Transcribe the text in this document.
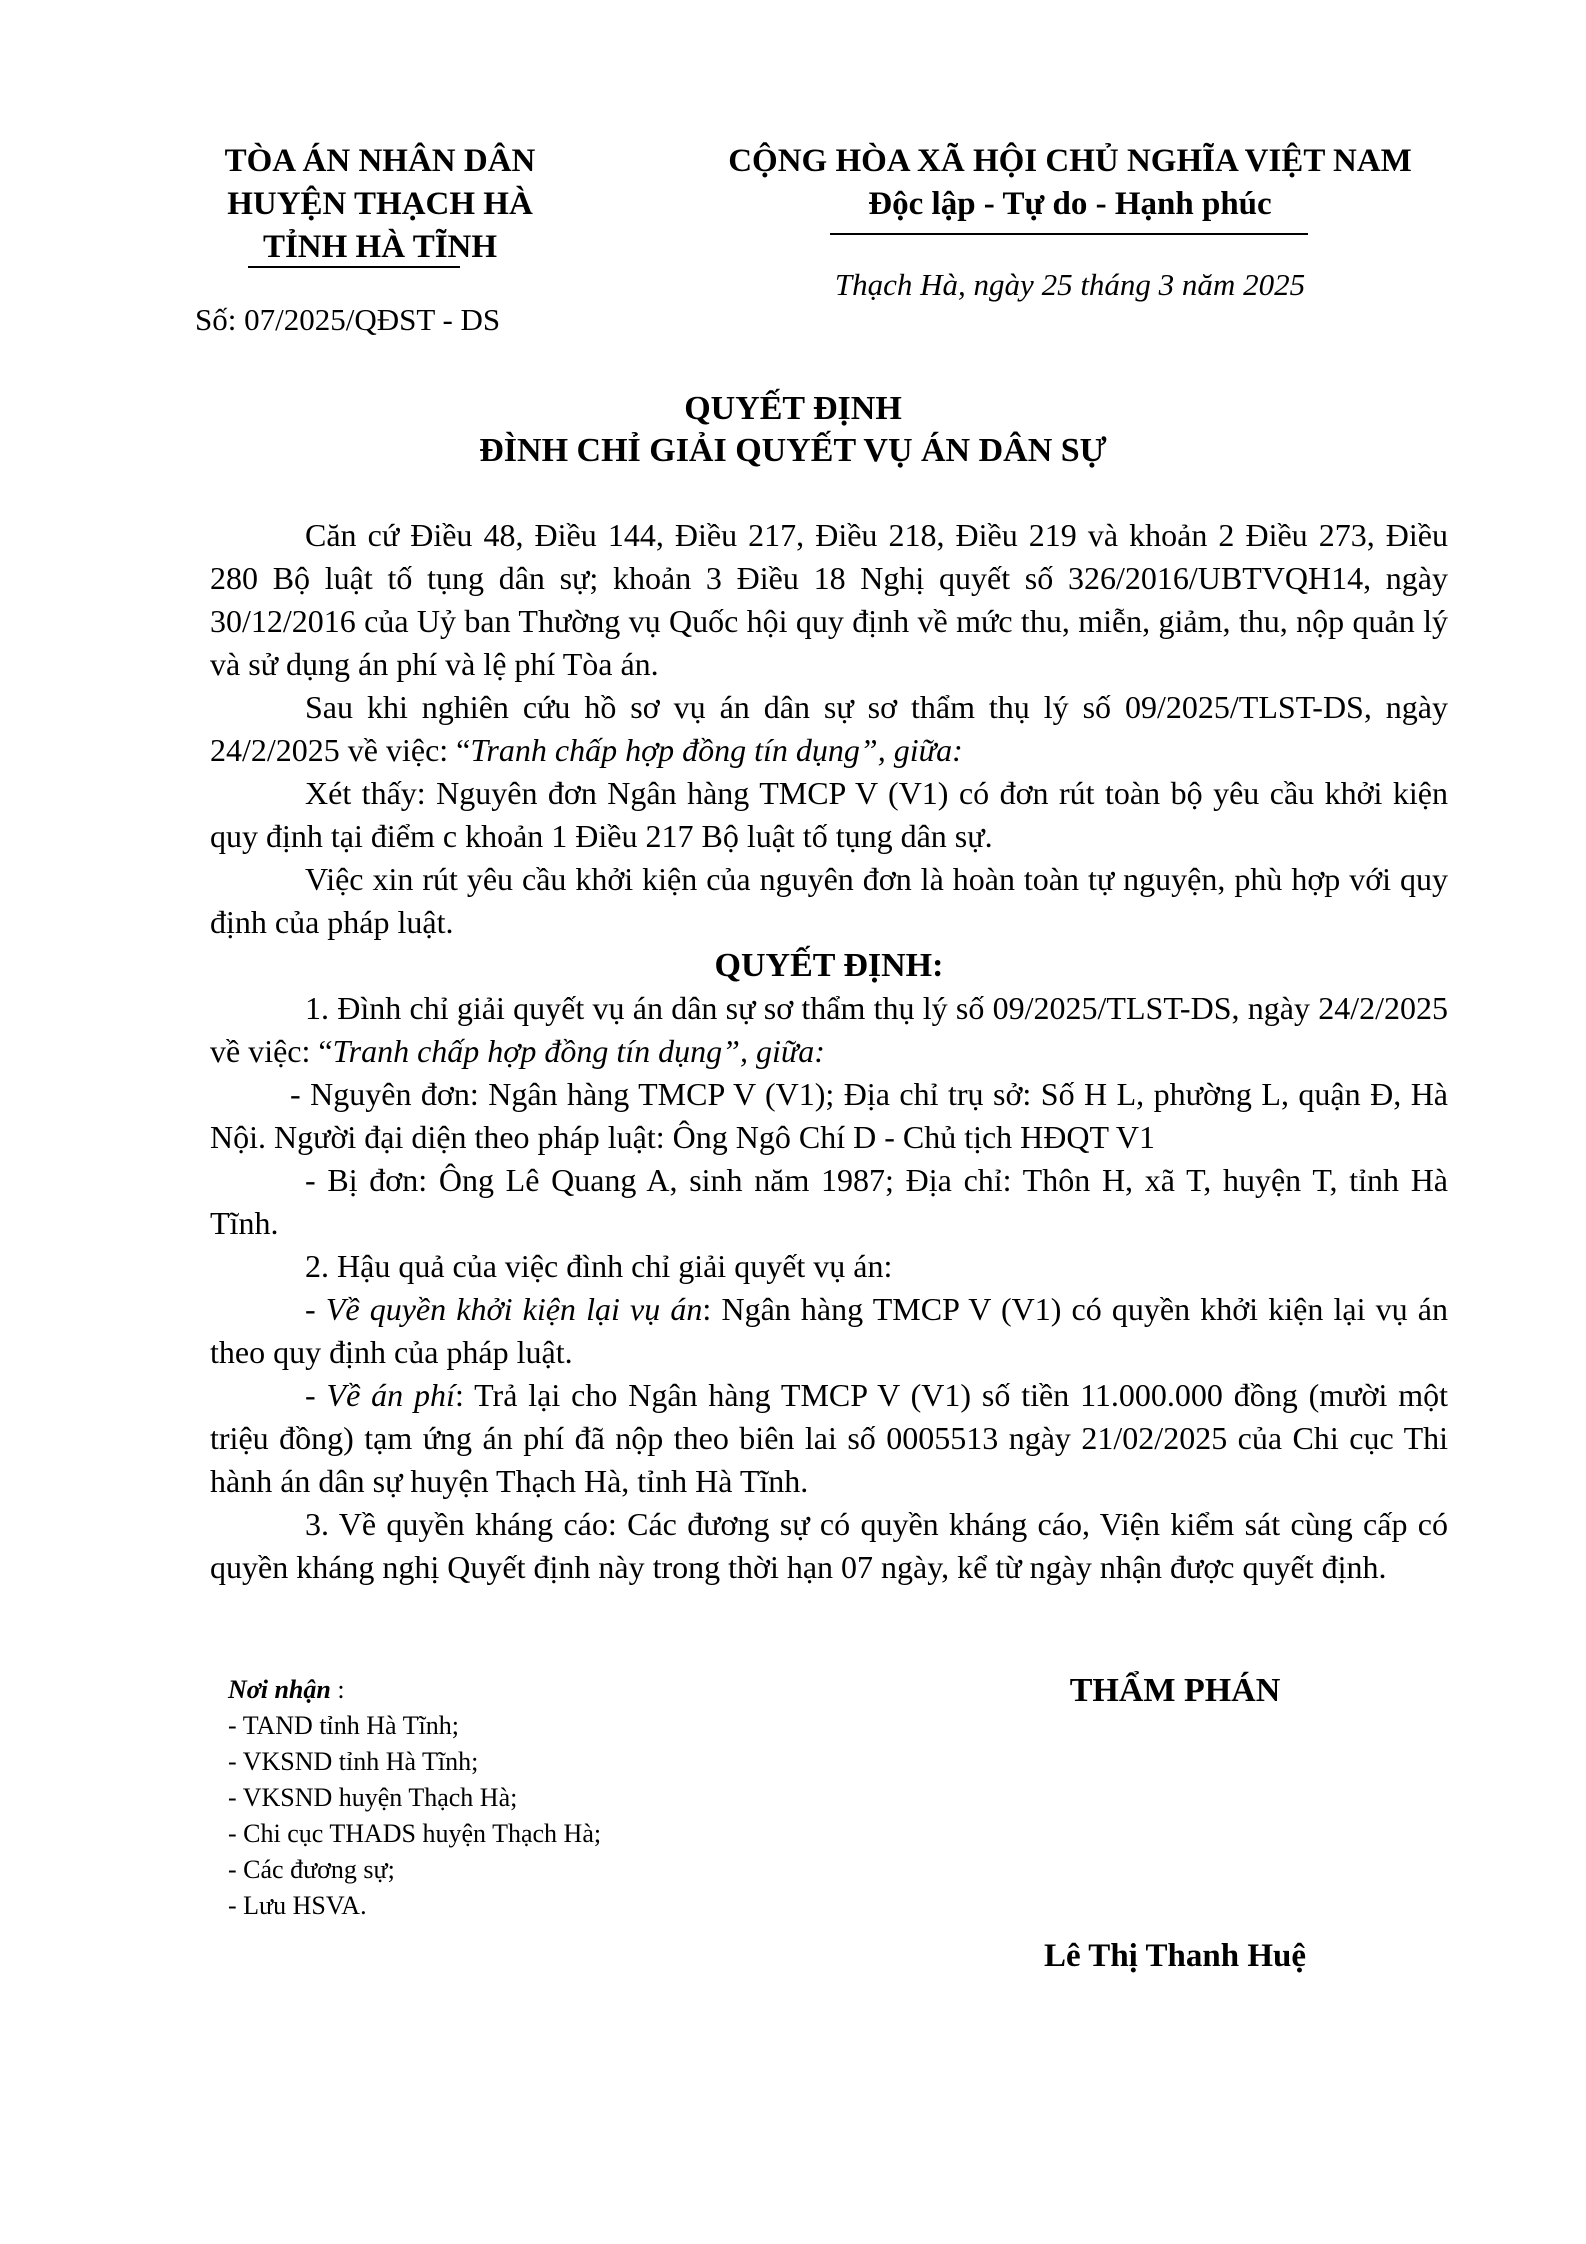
TÒA ÁN NHÂN DÂN
HUYỆN THẠCH HÀ
TỈNH HÀ TĨNH
CỘNG HÒA XÃ HỘI CHỦ NGHĨA VIỆT NAM
Độc lập - Tự do - Hạnh phúc
Thạch Hà, ngày 25 tháng 3 năm 2025
Số: 07/2025/QĐST - DS
QUYẾT ĐỊNH
ĐÌNH CHỈ GIẢI QUYẾT VỤ ÁN DÂN SỰ

Căn cứ Điều 48, Điều 144, Điều 217, Điều 218, Điều 219 và khoản 2 Điều 273, Điều 280 Bộ luật tố tụng dân sự; khoản 3 Điều 18 Nghị quyết số 326/2016/UBTVQH14, ngày 30/12/2016 của Uỷ ban Thường vụ Quốc hội quy định về mức thu, miễn, giảm, thu, nộp quản lý và sử dụng án phí và lệ phí Tòa án.

Sau khi nghiên cứu hồ sơ vụ án dân sự sơ thẩm thụ lý số 09/2025/TLST-DS, ngày 24/2/2025 về việc: “Tranh chấp hợp đồng tín dụng”, giữa:

Xét thấy: Nguyên đơn Ngân hàng TMCP V (V1) có đơn rút toàn bộ yêu cầu khởi kiện quy định tại điểm c khoản 1 Điều 217 Bộ luật tố tụng dân sự.

Việc xin rút yêu cầu khởi kiện của nguyên đơn là hoàn toàn tự nguyện, phù hợp với quy định của pháp luật.

QUYẾT ĐỊNH:

1. Đình chỉ giải quyết vụ án dân sự sơ thẩm thụ lý số 09/2025/TLST-DS, ngày 24/2/2025 về việc: “Tranh chấp hợp đồng tín dụng”, giữa:

- Nguyên đơn: Ngân hàng TMCP V (V1); Địa chỉ trụ sở: Số H L, phường L, quận Đ, Hà Nội. Người đại diện theo pháp luật: Ông Ngô Chí D - Chủ tịch HĐQT V1

- Bị đơn: Ông Lê Quang A, sinh năm 1987; Địa chỉ: Thôn H, xã T, huyện T, tỉnh Hà Tĩnh.

2. Hậu quả của việc đình chỉ giải quyết vụ án:

- Về quyền khởi kiện lại vụ án: Ngân hàng TMCP V (V1) có quyền khởi kiện lại vụ án theo quy định của pháp luật.

- Về án phí: Trả lại cho Ngân hàng TMCP V (V1) số tiền 11.000.000 đồng (mười một triệu đồng) tạm ứng án phí đã nộp theo biên lai số 0005513 ngày 21/02/2025 của Chi cục Thi hành án dân sự huyện Thạch Hà, tỉnh Hà Tĩnh.

3. Về quyền kháng cáo: Các đương sự có quyền kháng cáo, Viện kiểm sát cùng cấp có quyền kháng nghị Quyết định này trong thời hạn 07 ngày, kể từ ngày nhận được quyết định.

Nơi nhận :
- TAND tỉnh Hà Tĩnh;
- VKSND tỉnh Hà Tĩnh;
- VKSND huyện Thạch Hà;
- Chi cục THADS huyện Thạch Hà;
- Các đương sự;
- Lưu HSVA.
THẨM PHÁN
Lê Thị Thanh Huệ
